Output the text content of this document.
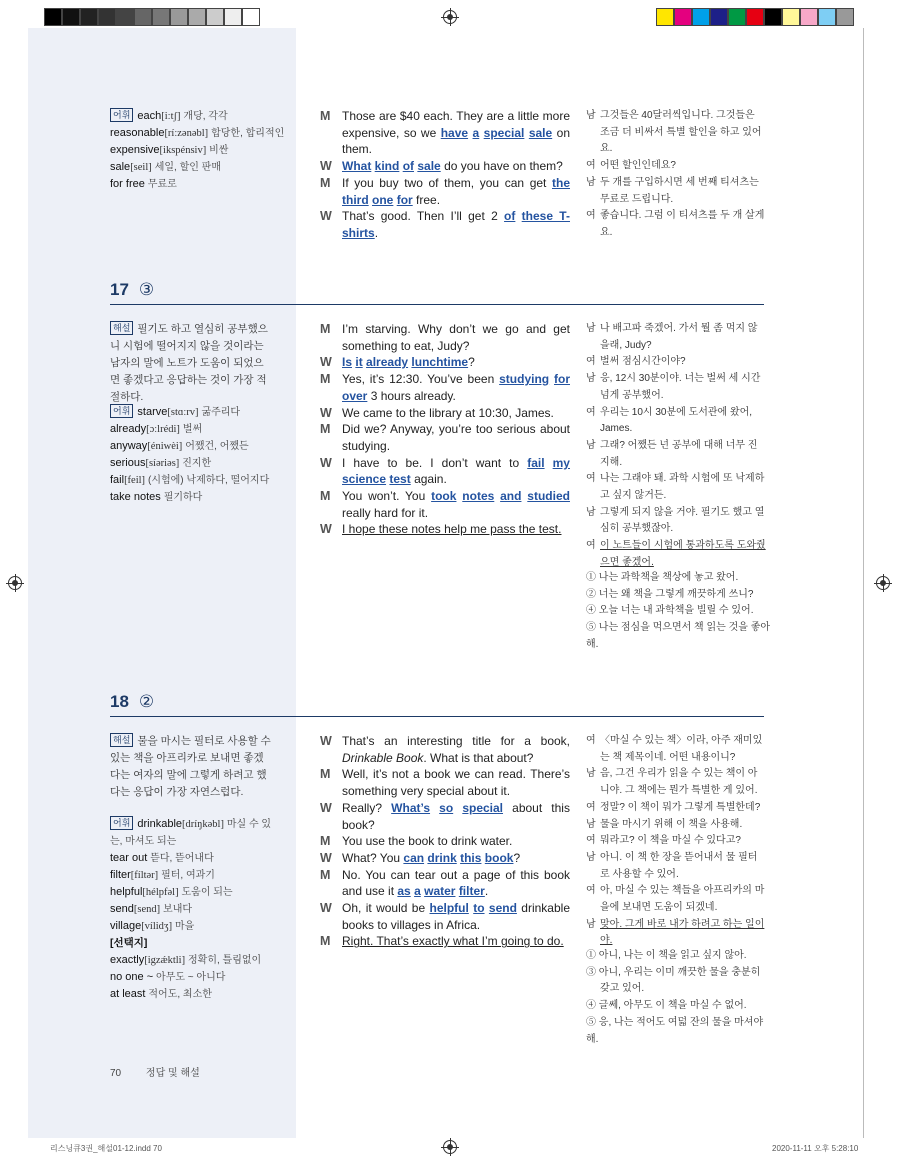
어휘 each[iːtʃ] 개당, 각각
reasonable[ríːzənəbl] 합당한, 합리적인
expensive[ikspénsiv] 비싼
sale[seil] 세일, 할인 판매
for free 무료로
M Those are $40 each. They are a little more expensive, so we have a special sale on them.
W What kind of sale do you have on them?
M If you buy two of them, you can get the third one for free.
W That’s good. Then I’ll get 2 of these T-shirts.
남 그것들은 40달러씩입니다. 그것들은 조금 더 비싸서 특별 할인을 하고 있어요.
여 어떤 할인인데요?
남 두 개를 구입하시면 세 번째 티셔츠는 무료로 드립니다.
여 좋습니다. 그럼 이 티셔츠를 두 개 살게요.
17 ③
해설 필기도 하고 열심히 공부했으니 시험에 떨어지지 않을 것이라는 남자의 말에 노트가 도움이 되었으면 좋겠다고 응답하는 것이 가장 적절하다.
어휘 starve[stɑːrv] 굶주리다
already[ɔːlrédi] 벌써
anyway[éniwèi] 어쨌건, 어쨌든
serious[síəriəs] 진지한
fail[feil] (시험에) 낙제하다, 떨어지다
take notes 필기하다
M I’m starving. Why don’t we go and get something to eat, Judy?
W Is it already lunchtime?
M Yes, it’s 12:30. You’ve been studying for over 3 hours already.
W We came to the library at 10:30, James.
M Did we? Anyway, you’re too serious about studying.
W I have to be. I don’t want to fail my science test again.
M You won’t. You took notes and studied really hard for it.
W I hope these notes help me pass the test.
남 나 배고파 죽겠어. 가서 뭘 좀 먹지 않을래, Judy?
여 벌써 점심시간이야?
남 응, 12시 30분이야. 너는 벌써 세 시간 넘게 공부했어.
여 우리는 10시 30분에 도서관에 왔어, James.
남 그래? 어쨌든 넌 공부에 대해 너무 진지해.
여 나는 그래야 돼. 과학 시험에 또 낙제하고 싶지 않거든.
남 그렇게 되지 않을 거야. 필기도 했고 열심히 공부했잖아.
여 이 노트들이 시험에 통과하도록 도와줬으면 좋겠어.
① 나는 과학책을 책상에 놓고 왔어.
② 너는 왜 책을 그렇게 깨끗하게 쓰니?
④ 오늘 너는 내 과학책을 빌릴 수 있어.
⑤ 나는 점심을 먹으면서 책 읽는 것을 좋아해.
18 ②
해설 물을 마시는 필터로 사용할 수 있는 책을 아프리카로 보내면 좋겠다는 여자의 말에 그렇게 하려고 했다는 응답이 가장 자연스럽다.
어휘 drinkable[dríŋkəbl] 마실 수 있는, 마셔도 되는
tear out 뜯다, 뜯어내다
filter[fíltər] 필터, 여과기
helpful[hélpfəl] 도움이 되는
send[send] 보내다
village[vílidʒ] 마을
[선택지]
exactly[igzǽktli] 정확히, 틀림없이
no one ~ 아무도 ~ 아니다
at least 적어도, 최소한
W That’s an interesting title for a book, Drinkable Book. What is that about?
M Well, it’s not a book we can read. There’s something very special about it.
W Really? What’s so special about this book?
M You use the book to drink water.
W What? You can drink this book?
M No. You can tear out a page of this book and use it as a water filter.
W Oh, it would be helpful to send drinkable books to villages in Africa.
M Right. That’s exactly what I’m going to do.
여 〈마실 수 있는 책〉이라, 아주 재미있는 책 제목이네. 어떤 내용이니?
남 음, 그건 우리가 읽을 수 있는 책이 아니야. 그 책에는 뭔가 특별한 게 있어.
여 정말? 이 책이 뭐가 그렇게 특별한데?
남 물을 마시기 위해 이 책을 사용해.
여 뭐라고? 이 책을 마실 수 있다고?
남 아니. 이 책 한 장을 뜯어내서 물 필터로 사용할 수 있어.
여 아, 마실 수 있는 책들을 아프리카의 마을에 보내면 도움이 되겠네.
남 맞아. 그게 바로 내가 하려고 하는 일이야.
① 아니, 나는 이 책을 읽고 싶지 않아.
③ 아니, 우리는 이미 깨끗한 물을 충분히 갖고 있어.
④ 글쎄, 아무도 이 책을 마실 수 없어.
⑤ 응, 나는 적어도 여덟 잔의 물을 마셔야 해.
70 정답 및 해설
리스닝큐3권_해설01-12.indd 70	2020-11-11 오후 5:28:10
